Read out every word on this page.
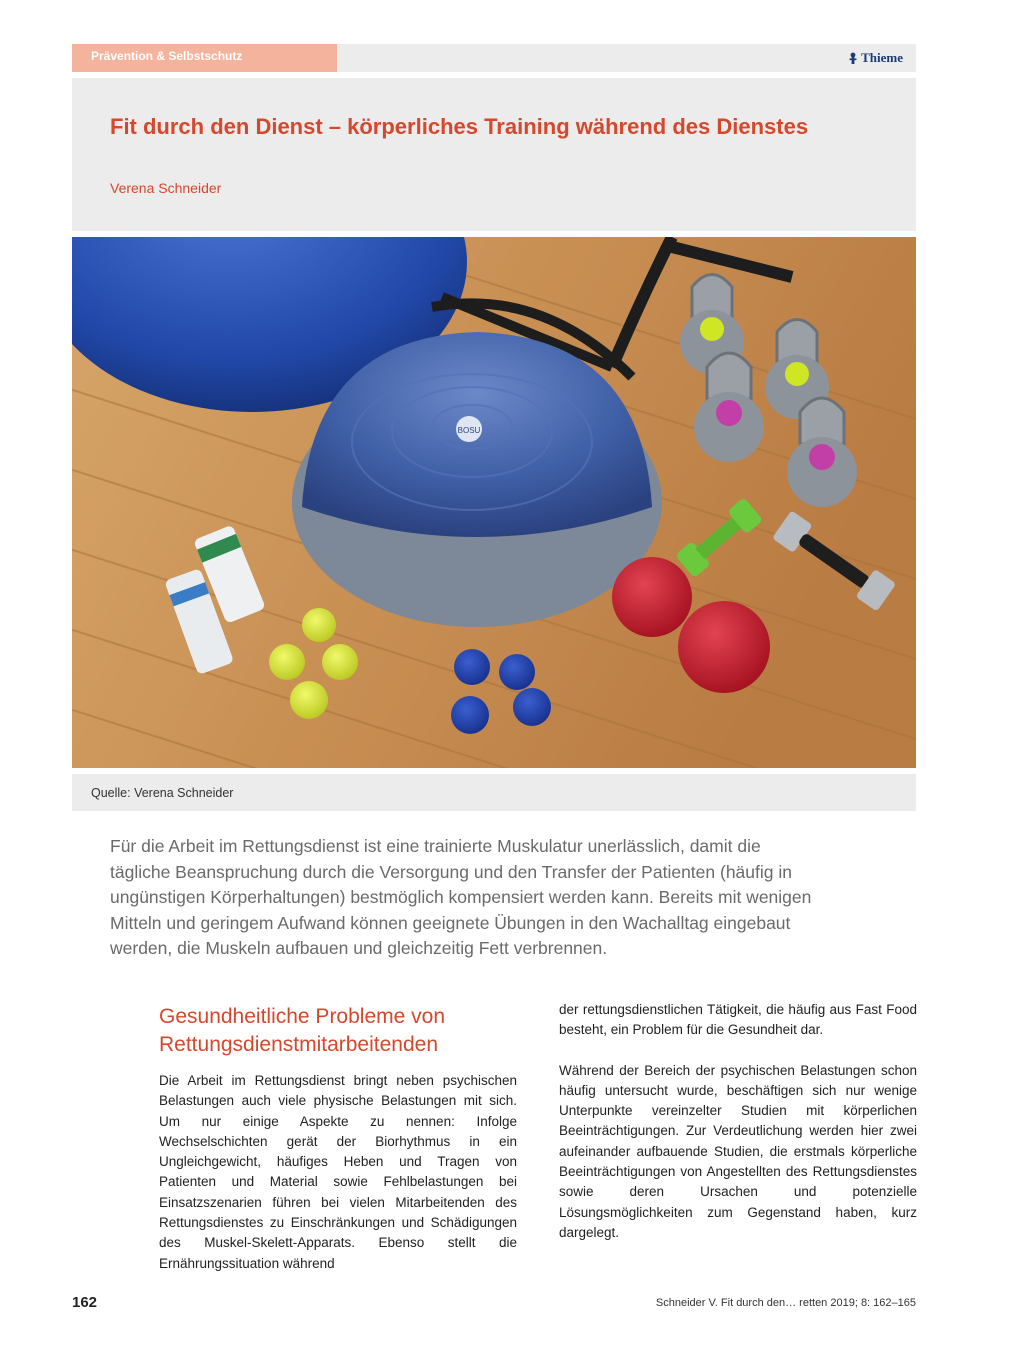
Prävention & Selbstschutz	Thieme
Fit durch den Dienst – körperliches Training während des Dienstes
Verena Schneider
BOSU
Quelle: Verena Schneider

Für die Arbeit im Rettungsdienst ist eine trainierte Muskulatur unerlässlich, damit die tägliche Beanspruchung durch die Versorgung und den Transfer der Patienten (häufig in ungünstigen Körperhaltungen) bestmöglich kompensiert werden kann. Bereits mit wenigen Mitteln und geringem Aufwand können geeignete Übungen in den Wachalltag eingebaut werden, die Muskeln aufbauen und gleichzeitig Fett verbrennen.

Gesundheitliche Probleme von Rettungsdienstmitarbeitenden

Die Arbeit im Rettungsdienst bringt neben psychischen Belastungen auch viele physische Belastungen mit sich. Um nur einige Aspekte zu nennen: Infolge Wechselschichten gerät der Biorhythmus in ein Ungleichgewicht, häufiges Heben und Tragen von Patienten und Material sowie Fehlbelastungen bei Einsatzszenarien führen bei vielen Mitarbeitenden des Rettungsdienstes zu Einschränkungen und Schädigungen des Muskel-Skelett-Apparats. Ebenso stellt die Ernährungssituation während

der rettungsdienstlichen Tätigkeit, die häufig aus Fast Food besteht, ein Problem für die Gesundheit dar.

Während der Bereich der psychischen Belastungen schon häufig untersucht wurde, beschäftigen sich nur wenige Unterpunkte vereinzelter Studien mit körperlichen Beeinträchtigungen. Zur Verdeutlichung werden hier zwei aufeinander aufbauende Studien, die erstmals körperliche Beeinträchtigungen von Angestellten des Rettungsdienstes sowie deren Ursachen und potenzielle Lösungsmöglichkeiten zum Gegenstand haben, kurz dargelegt.

162	Schneider V. Fit durch den… retten 2019; 8: 162–165
